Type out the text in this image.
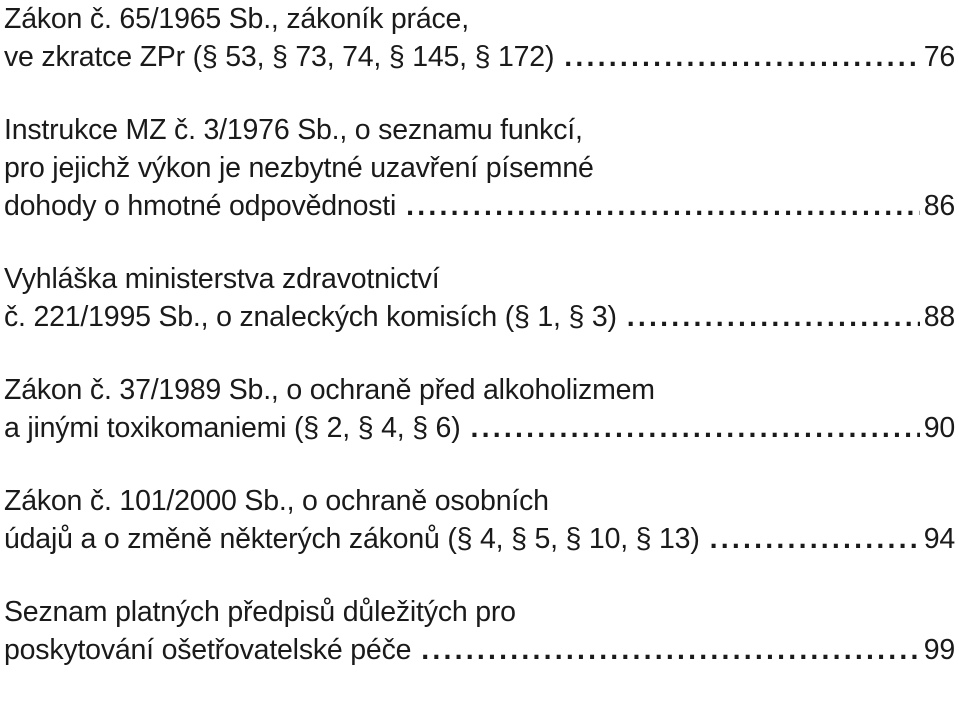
Zákon č. 65/1965 Sb., zákoník práce,
ve zkratce ZPr (§ 53, § 73, 74, § 145, § 172) .....	76
Instrukce MZ č. 3/1976 Sb., o seznamu funkcí,
pro jejichž výkon je nezbytné uzavření písemné
dohody o hmotné odpovědnosti .....	86
Vyhláška ministerstva zdravotnictví
č. 221/1995 Sb., o znaleckých komisích (§ 1, § 3) .....	88
Zákon č. 37/1989 Sb., o ochraně před alkoholizmem
a jinými toxikomaniemi (§ 2, § 4, § 6) .....	90
Zákon č. 101/2000 Sb., o ochraně osobních
údajů a o změně některých zákonů (§ 4, § 5, § 10, § 13) .....	94
Seznam platných předpisů důležitých pro
poskytování ošetřovatelské péče .....	99
